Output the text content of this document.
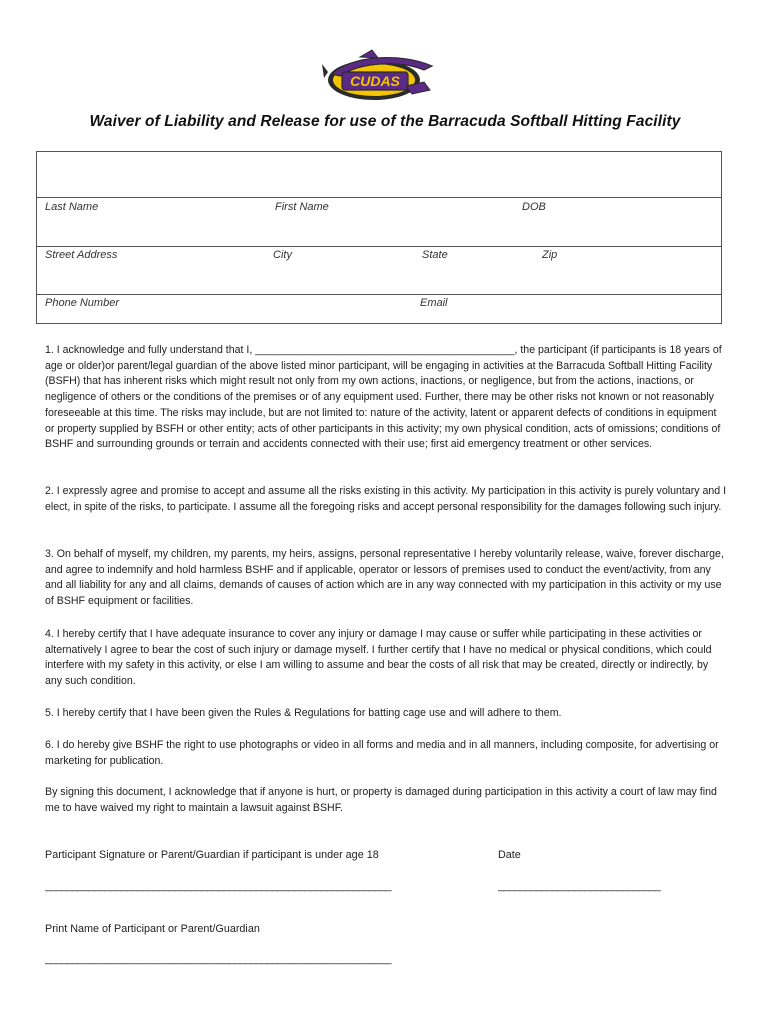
CUDAS
Waiver of Liability and Release for use of the Barracuda Softball Hitting Facility
Last Name	First Name	DOB
Street Address	City	State	Zip
Phone Number	Email

1. I acknowledge and fully understand that I, ____________________________________________, the participant (if participants is 18 years of age or older)or parent/legal guardian of the above listed minor participant, will be engaging in activities at the Barracuda Softball Hitting Facility (BSFH) that has inherent risks which might result not only from my own actions, inactions, or negligence, but from the actions, inactions, or negligence of others or the conditions of the premises or of any equipment used. Further, there may be other risks not known or not reasonably foreseeable at this time. The risks may include, but are not limited to: nature of the activity, latent or apparent defects of conditions in equipment or property supplied by BSFH or other entity; acts of other participants in this activity; my own physical condition, acts of omissions; conditions of BSHF and surrounding grounds or terrain and accidents connected with their use; first aid emergency treatment or other services.

2. I expressly agree and promise to accept and assume all the risks existing in this activity. My participation in this activity is purely voluntary and I elect, in spite of the risks, to participate. I assume all the foregoing risks and accept personal responsibility for the damages following such injury.

3. On behalf of myself, my children, my parents, my heirs, assigns, personal representative I hereby voluntarily release, waive, forever discharge, and agree to indemnify and hold harmless BSHF and if applicable, operator or lessors of premises used to conduct the event/activity, from any and all liability for any and all claims, demands of causes of action which are in any way connected with my participation in this activity or my use of BSHF equipment or facilities.

4. I hereby certify that I have adequate insurance to cover any injury or damage I may cause or suffer while participating in these activities or alternatively I agree to bear the cost of such injury or damage myself. I further certify that I have no medical or physical conditions, which could interfere with my safety in this activity, or else I am willing to assume and bear the costs of all risk that may be created, directly or indirectly, by any such condition.

5. I hereby certify that I have been given the Rules & Regulations for batting cage use and will adhere to them.

6. I do hereby give BSHF the right to use photographs or video in all forms and media and in all manners, including composite, for advertising or marketing for publication.

By signing this document, I acknowledge that if anyone is hurt, or property is damaged during participation in this activity a court of law may find me to have waived my right to maintain a lawsuit against BSHF.

Participant Signature or Parent/Guardian if participant is under age 18	Date
________________________________________________________________	______________________________
Print Name of Participant or Parent/Guardian
________________________________________________________________
